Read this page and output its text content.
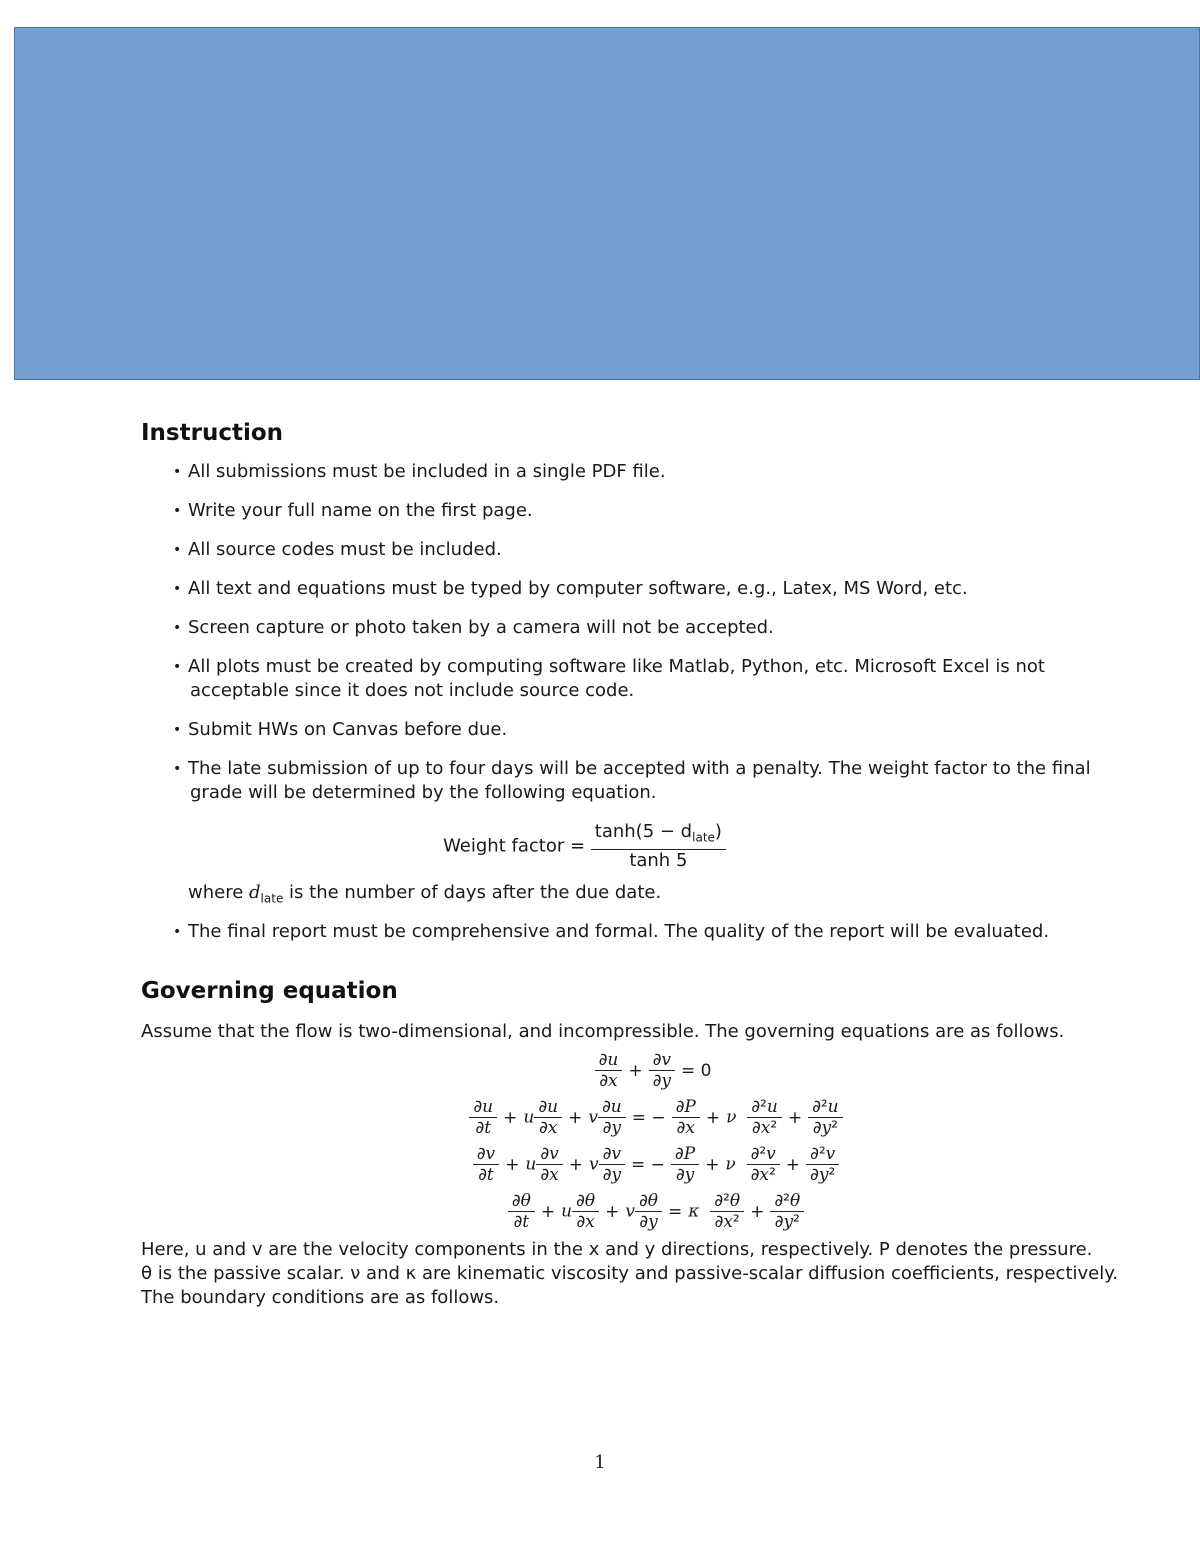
Instruction
• All submissions must be included in a single PDF file.
• Write your full name on the first page.
• All source codes must be included.
• All text and equations must be typed by computer software, e.g., Latex, MS Word, etc.
• Screen capture or photo taken by a camera will not be accepted.
• All plots must be created by computing software like Matlab, Python, etc. Microsoft Excel is not
acceptable since it does not include source code.
• Submit HWs on Canvas before due.
• The late submission of up to four days will be accepted with a penalty. The weight factor to the final
grade will be determined by the following equation.
Weight factor = $\frac{\tanh(5 - d_{late})}{\tanh 5}$

where $d_{late}$ is the number of days after the due date.

• The final report must be comprehensive and formal. The quality of the report will be evaluated.
Governing equation

Assume that the flow is two-dimensional, and incompressible. The governing equations are as follows.

$\frac{\partial u}{\partial x} + \frac{\partial v}{\partial y} = 0$
$\frac{\partial u}{\partial t} + u \frac{\partial u}{\partial x} + v \frac{\partial u}{\partial y}$ = − $\frac{\partial P}{\partial x} + \nu \frac{\text{∂²u}}{\text{∂x²}} + \frac{\text{∂²u}}{\text{∂y²}}$
$\frac{\partial v}{\partial t} + u \frac{\partial v}{\partial x} + v \frac{\partial v}{\partial y}$ = − $\frac{\partial P}{\partial y} + \nu \frac{\text{∂²v}}{\text{∂x²}} + \frac{\text{∂²v}}{\text{∂y²}}$
$\frac{\partial\theta}{\partial t} + u \frac{\partial\theta}{\partial x} + v \frac{\partial\theta}{\partial y} = \kappa \frac{\text{∂²θ}}{\text{∂x²}} + \frac{\text{∂²θ}}{\text{∂y²}}$
Here, u and v are the velocity components in the x and y directions, respectively. P denotes the pressure.
θ is the passive scalar. ν and κ are kinematic viscosity and passive-scalar diffusion coefficients, respectively.
The boundary conditions are as follows.
1
